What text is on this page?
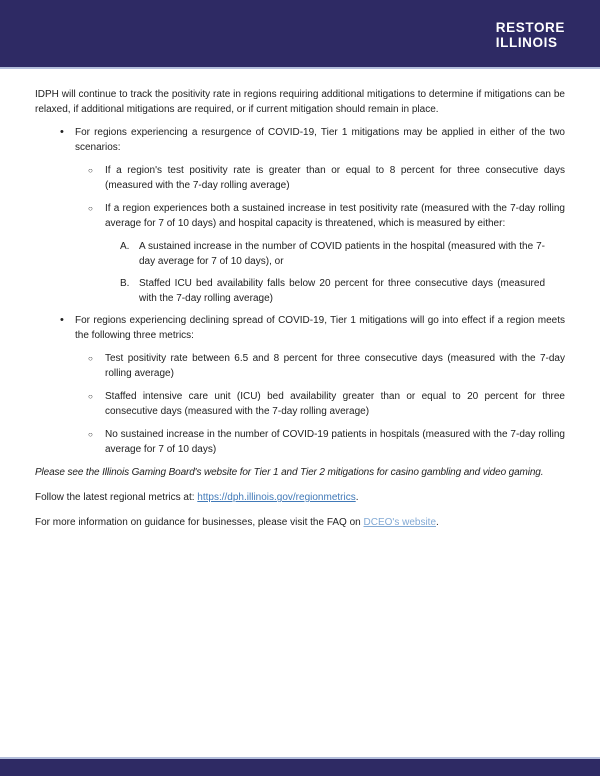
RESTORE
ILLINOIS

IDPH will continue to track the positivity rate in regions requiring additional mitigations to determine if mitigations can be relaxed, if additional mitigations are required, or if current mitigation should remain in place.

•	For regions experiencing a resurgence of COVID-19, Tier 1 mitigations may be applied in either of the two scenarios:
○	If a region's test positivity rate is greater than or equal to 8 percent for three consecutive days (measured with the 7-day rolling average)
○	If a region experiences both a sustained increase in test positivity rate (measured with the 7-day rolling average for 7 of 10 days) and hospital capacity is threatened, which is measured by either:
A. A sustained increase in the number of COVID patients in the hospital (measured with the 7-day average for 7 of 10 days), or
B. Staffed ICU bed availability falls below 20 percent for three consecutive days (measured with the 7-day rolling average)
•	For regions experiencing declining spread of COVID-19, Tier 1 mitigations will go into effect if a region meets the following three metrics:
○	Test positivity rate between 6.5 and 8 percent for three consecutive days (measured with the 7-day rolling average)
○	Staffed intensive care unit (ICU) bed availability greater than or equal to 20 percent for three consecutive days (measured with the 7-day rolling average)
○	No sustained increase in the number of COVID-19 patients in hospitals (measured with the 7-day rolling average for 7 of 10 days)

Please see the Illinois Gaming Board's website for Tier 1 and Tier 2 mitigations for casino gambling and video gaming.

Follow the latest regional metrics at: https://dph.illinois.gov/regionmetrics.

For more information on guidance for businesses, please visit the FAQ on DCEO's website.
